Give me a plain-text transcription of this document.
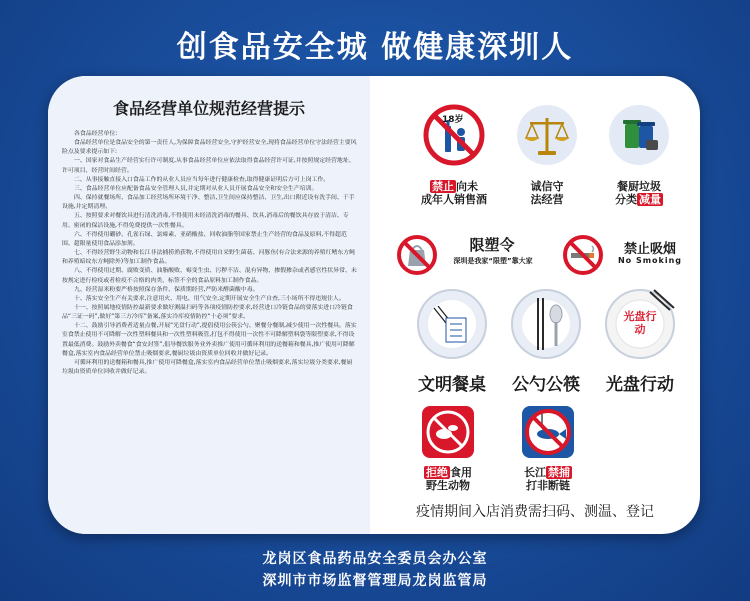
创食品安全城 做健康深圳人
食品经营单位规范经营提示

各食品经营单位:

食品经营单位是食品安全的第一责任人,为保障食品经营安全,守护经营安全,现将食品经营单位守法经营主要风险点及要求提示如下:

一、国家对食品生产经营实行许可制度,从事食品经营单位应依法取得食品经营许可证,并按照规定经营地址、许可项目、经营时间经营。

二、从事接触直接入口食品工作的从业人员应当每年进行健康检查,取得健康证明后方可上岗工作。

三、食品经营单位应配备食品安全管理人员,并定期对从业人员开展食品安全和安全生产培训。

四、保持就餐场所、食品加工经营场所环境干净、整洁,卫生间应保持整洁、卫生,出口附近设有洗手间、干手设施,并定期清理。

五、按照要求对餐饮具进行清洗消毒,不得使用未经清洗消毒的餐具、饮具,消毒后的餐饮具存放于清洁、专用、密闭的保洁设施,不得免费提供一次性餐具。

六、不得使用硼砂、孔雀石绿、氯霉素、亚硝酸盐、回收油脂等国家禁止生产经营的食品及原料,不得超范围、超限量使用食品添加剂。

七、不得经营野生动物和长江非法捕捞渔获物,不得使用自采野生菌菇、河豚鱼(有合法来源的养殖红鳍东方鲀和养殖暗纹东方鲀除外)等加工制作食品。

八、不得使用过期、腐败变质、油脂酸败、霉变生虫、污秽不洁、混有异物、掺假掺杂或者感官性状异常、未按规定进行检疫或者检疫不合格的肉类、标签不全的食品原料加工制作食品。

九、经营湿米粉要严格按照保存条件、保质期经营,严防米酵菌酸中毒。

十、落实安全生产有关要求,注意用火、用电、用气安全,定期开展安全生产自查,三小场所不得违规住人。

十一、按照属地疫情防控最新要求做好测温扫码等各项疫情防控要求,经营进口冷链食品的要落实进口冷链食品“三证一码”,做好“第三方冷库”备案,落实冷库疫情防控“十必须”要求。

十二、鼓励引导消费者适量点餐,开展“光盘行动”,提倡使用公筷公勺、聚餐分餐制,减少使用一次性餐具。落实室食禁止使用不可降解一次性塑料餐具和一次性塑料吸管,打包不得使用一次性不可降解塑料袋等限塑要求,不得设置最低消费。鼓励外卖餐食“食安封签”,倡导餐饮服务业外卖推广使用可循环利用的送餐箱和餐具,推广使用可降解餐盒,落实室内食品经营单位禁止吸烟要求,餐厨垃圾由资质单位回收并做好记录。

可循环利用的送餐箱和餐具,推广使用可降餐盒,落实室内食品经营单位禁止吸烟要求,落实垃圾分类要求,餐厨垃圾由资质单位回收并做好记录。

18岁
禁止 向未
成年人销售酒
诚信守
法经营
餐厨垃圾
分类 减量
限塑令
深圳是我家“限塑”靠大家
禁止吸烟
No Smoking
光盘行动
文明餐桌	公勺公筷	光盘行动
拒绝 食用
野生动物
长江 禁捕
打非断链
疫情期间入店消费需扫码、测温、登记
龙岗区食品药品安全委员会办公室
深圳市市场监督管理局龙岗监管局
